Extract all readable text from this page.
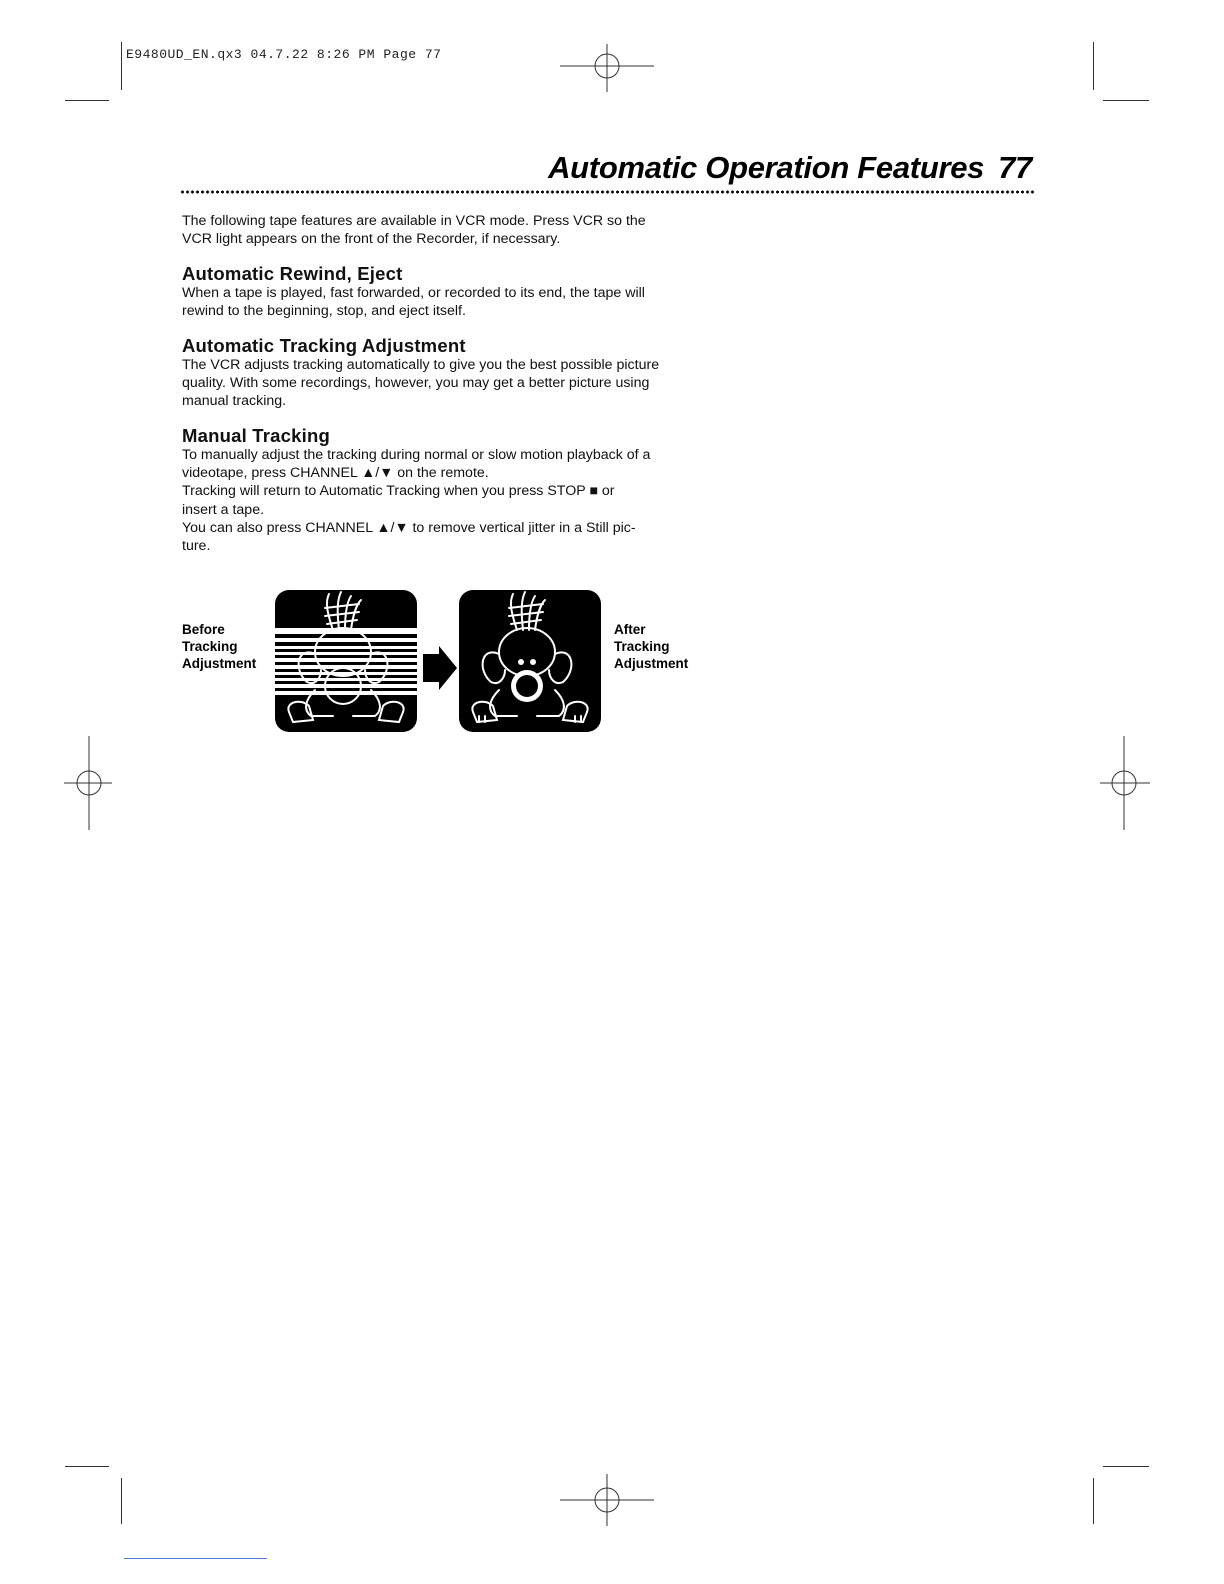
E9480UD_EN.qx3 04.7.22 8:26 PM Page 77
Automatic Operation Features 77

The following tape features are available in VCR mode. Press VCR so the

VCR light appears on the front of the Recorder, if necessary.

Automatic Rewind, Eject

When a tape is played, fast forwarded, or recorded to its end, the tape will

rewind to the beginning, stop, and eject itself.

Automatic Tracking Adjustment

The VCR adjusts tracking automatically to give you the best possible picture

quality. With some recordings, however, you may get a better picture using

manual tracking.

Manual Tracking

To manually adjust the tracking during normal or slow motion playback of a

videotape, press CHANNEL ▲/▼ on the remote.

Tracking will return to Automatic Tracking when you press STOP ■ or

insert a tape.

You can also press CHANNEL ▲/▼ to remove vertical jitter in a Still pic-

ture.

Before
Tracking
Adjustment
After
Tracking
Adjustment
